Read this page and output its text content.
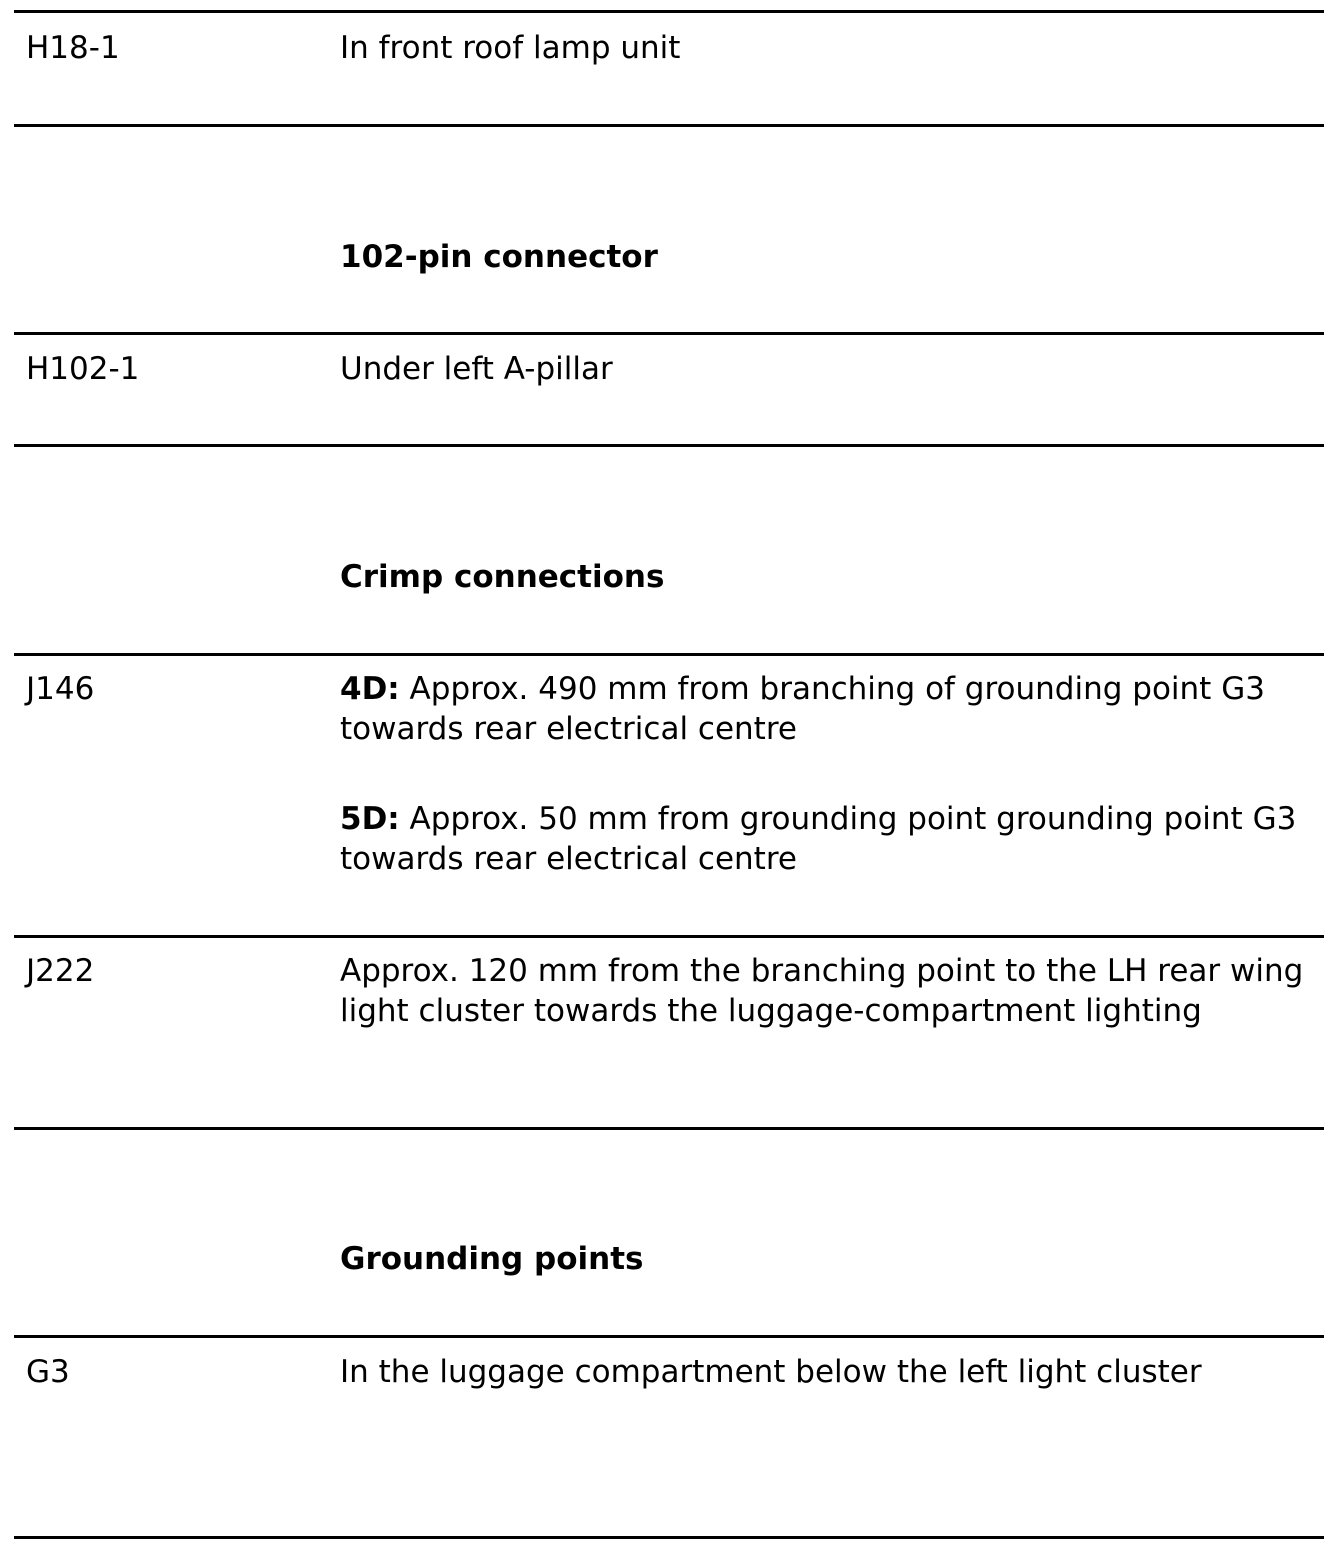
H18-1	In front roof lamp unit
102-pin connector
H102-1	Under left A-pillar
Crimp connections
J146	4D: Approx. 490 mm from branching of grounding point G3 towards rear electrical centre

5D: Approx. 50 mm from grounding point grounding point G3 towards rear electrical centre

J222	Approx. 120 mm from the branching point to the LH rear wing light cluster towards the luggage-compartment lighting
Grounding points
G3	In the luggage compartment below the left light cluster
